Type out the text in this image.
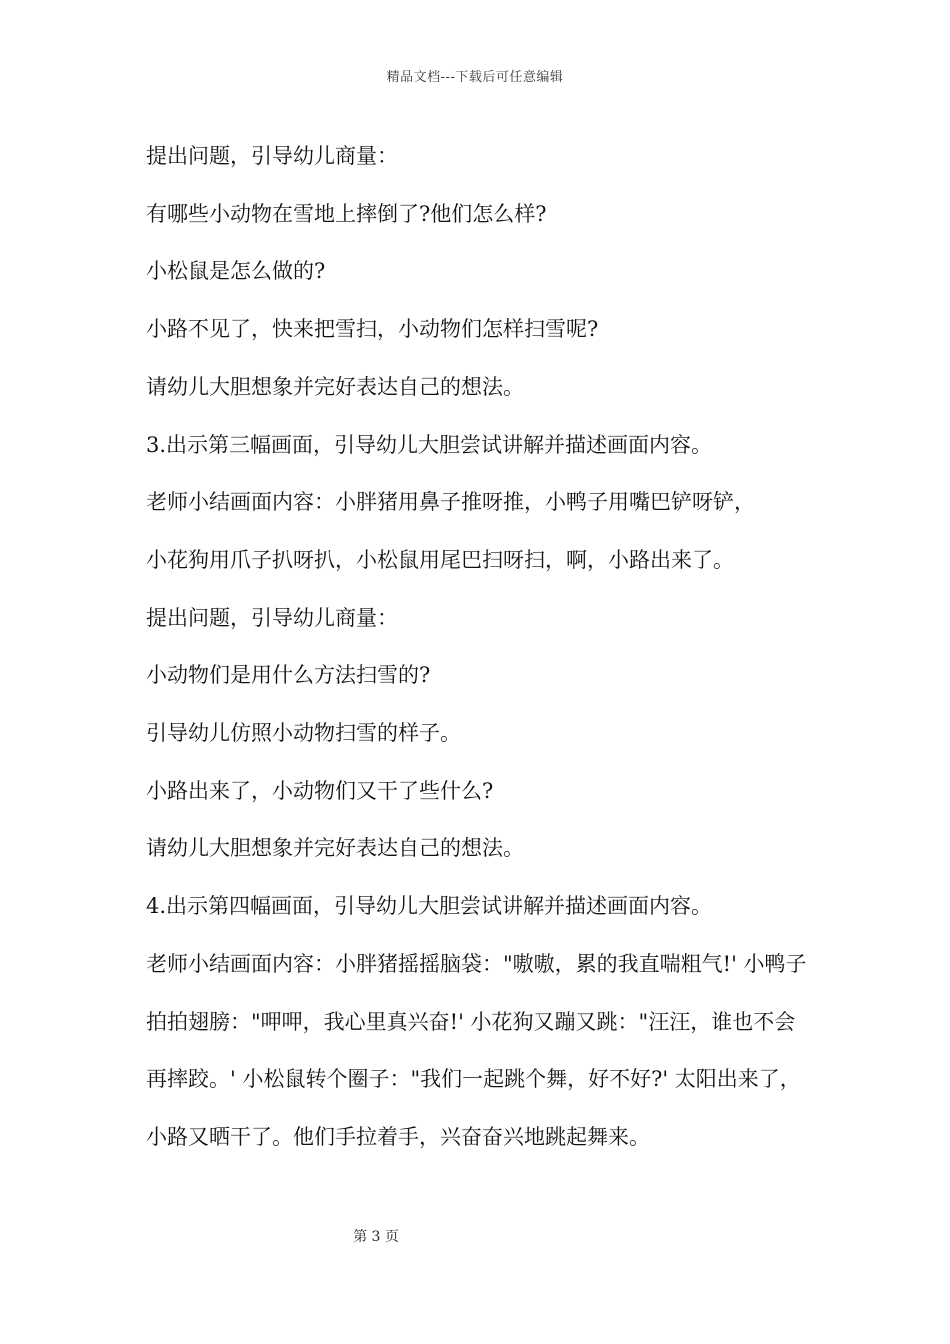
精品文档---下载后可任意编辑

提出问题，引导幼儿商量：

有哪些小动物在雪地上摔倒了?他们怎么样?

小松鼠是怎么做的?

小路不见了，快来把雪扫，小动物们怎样扫雪呢?

请幼儿大胆想象并完好表达自己的想法。

3.出示第三幅画面，引导幼儿大胆尝试讲解并描述画面内容。

老师小结画面内容：小胖猪用鼻子推呀推，小鸭子用嘴巴铲呀铲，

小花狗用爪子扒呀扒，小松鼠用尾巴扫呀扫，啊，小路出来了。

提出问题，引导幼儿商量：

小动物们是用什么方法扫雪的?

引导幼儿仿照小动物扫雪的样子。

小路出来了，小动物们又干了些什么?

请幼儿大胆想象并完好表达自己的想法。

4.出示第四幅画面，引导幼儿大胆尝试讲解并描述画面内容。

老师小结画面内容：小胖猪摇摇脑袋："嗷嗷，累的我直喘粗气!' 小鸭子拍拍翅膀："呷呷，我心里真兴奋!' 小花狗又蹦又跳："汪汪，谁也不会再摔跤。' 小松鼠转个圈子："我们一起跳个舞，好不好?' 太阳出来了，小路又晒干了。他们手拉着手，兴奋奋兴地跳起舞来。

第 3 页
